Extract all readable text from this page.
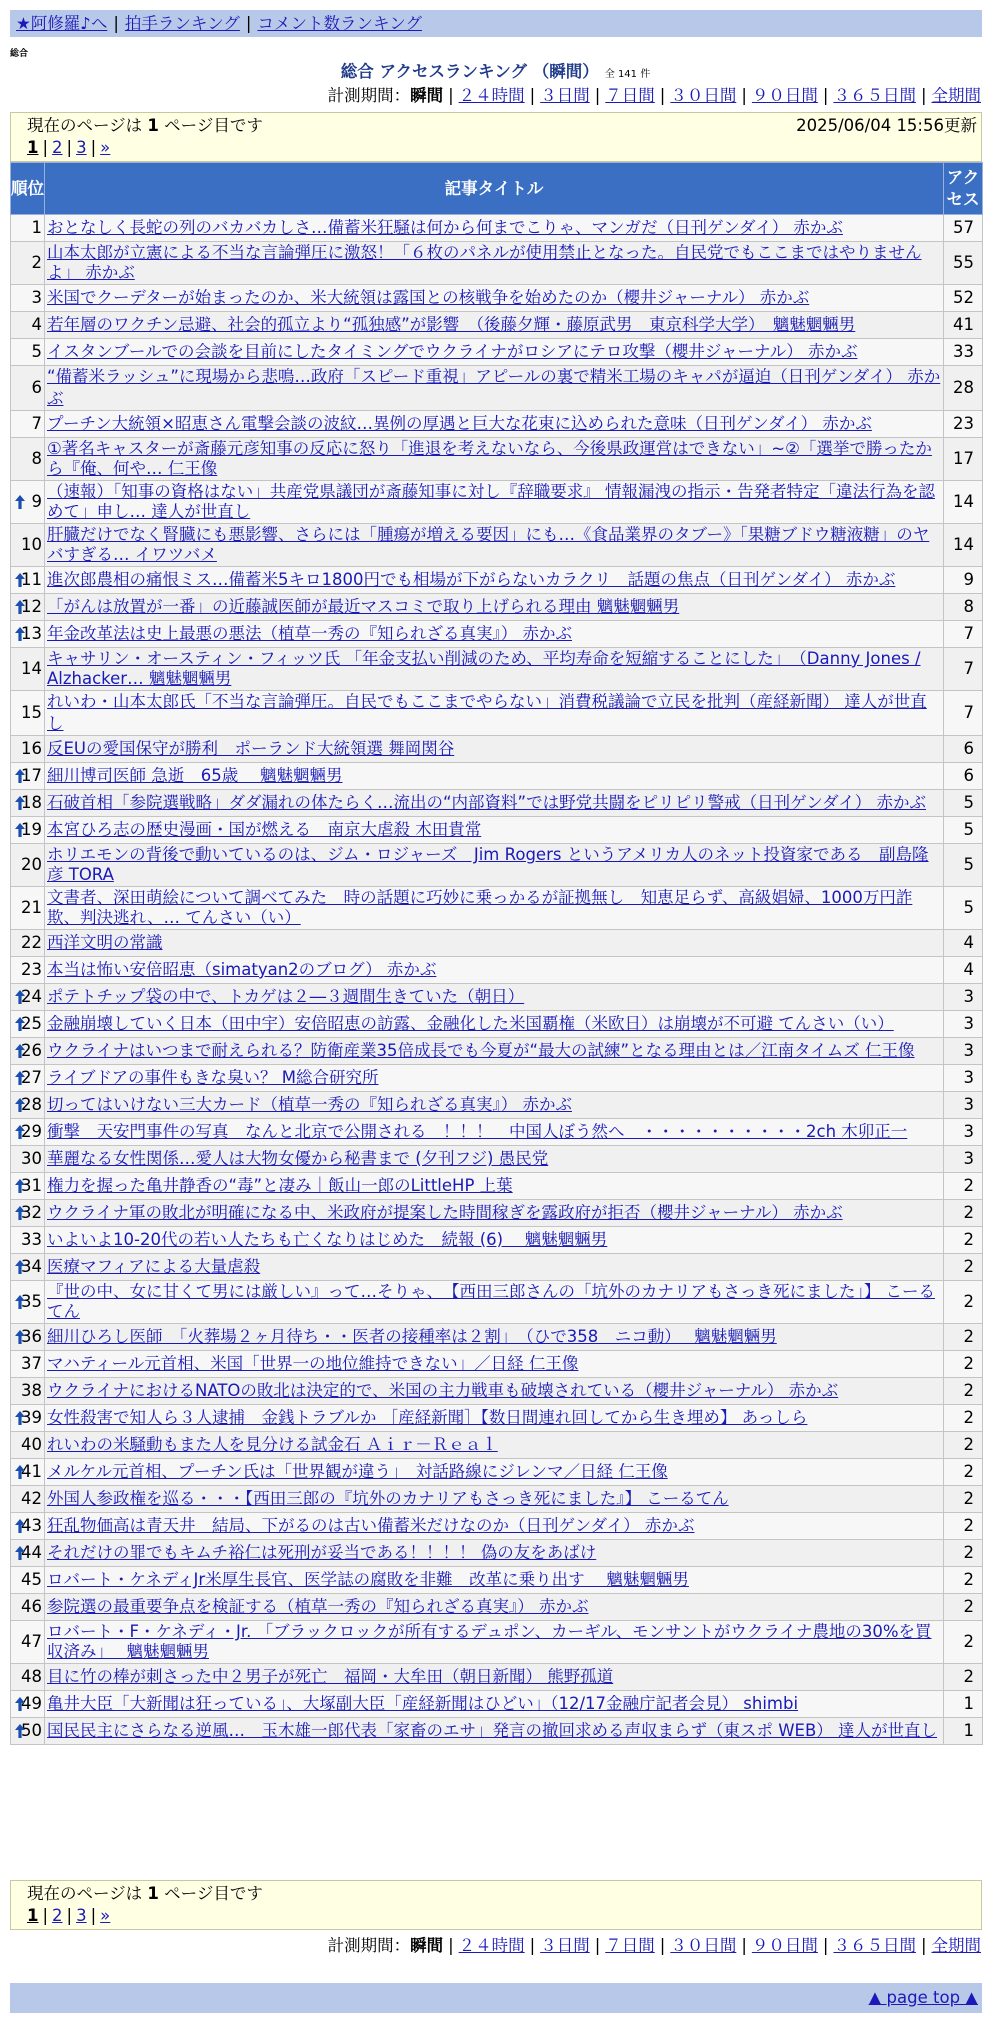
★阿修羅♪へ | 拍手ランキング | コメント数ランキング
総合
総合 アクセスランキング （瞬間） 全 141 件
計測期間：瞬間 | ２４時間 | ３日間 | ７日間 | ３０日間 | ９０日間 | ３６５日間 | 全期間
現在のページは 1 ページ目です	2025/06/04 15:56更新
1 | 2 | 3 | »
順位	記事タイトル	アクセス
1	おとなしく長蛇の列のバカバカしさ…備蓄米狂騒は何から何までこりゃ、マンガだ（日刊ゲンダイ） 赤かぶ	57
2	山本太郎が立憲による不当な言論弾圧に激怒！「６枚のパネルが使用禁止となった。自民党でもここまではやりませんよ」 赤かぶ	55
3	米国でクーデターが始まったのか、米大統領は露国との核戦争を始めたのか（櫻井ジャーナル） 赤かぶ	52
4	若年層のワクチン忌避、社会的孤立より“孤独感”が影響　（後藤夕輝・藤原武男　東京科学大学）　魑魅魍魎男	41
5	イスタンブールでの会談を目前にしたタイミングでウクライナがロシアにテロ攻撃（櫻井ジャーナル） 赤かぶ	33
6	“備蓄米ラッシュ”に現場から悲鳴…政府「スピード重視」アピールの裏で精米工場のキャパが逼迫（日刊ゲンダイ） 赤かぶ	28
7	プーチン大統領×昭恵さん電撃会談の波紋…異例の厚遇と巨大な花束に込められた意味（日刊ゲンダイ） 赤かぶ	23
8	①著名キャスターが斎藤元彦知事の反応に怒り「進退を考えないなら、今後県政運営はできない」~②「選挙で勝ったから『俺、何や… 仁王像	17

9	（速報）「知事の資格はない」共産党県議団が斎藤知事に対し『辞職要求』 情報漏洩の指示・告発者特定「違法行為を認めて」申し… 達人が世直し	14
10	肝臓だけでなく腎臓にも悪影響、さらには「腫瘍が増える要因」にも…《食品業界のタブー》「果糖ブドウ糖液糖」のヤバすぎる… イワツバメ	14

11	進次郎農相の痛恨ミス…備蓄米5キロ1800円でも相場が下がらないカラクリ　話題の焦点（日刊ゲンダイ） 赤かぶ	9

12	「がんは放置が一番」の近藤誠医師が最近マスコミで取り上げられる理由 魑魅魍魎男	8

13	年金改革法は史上最悪の悪法（植草一秀の『知られざる真実』） 赤かぶ	7
14	キャサリン・オースティン・フィッツ氏 「年金支払い削減のため、平均寿命を短縮することにした」　（Danny Jones / Alzhacker… 魑魅魍魎男	7
15	れいわ・山本太郎氏「不当な言論弾圧。自民でもここまでやらない」消費税議論で立民を批判（産経新聞） 達人が世直し	7
16	反EUの愛国保守が勝利　ポーランド大統領選 舞岡関谷	6

17	細川博司医師 急逝　65歳　 魑魅魍魎男	6

18	石破首相「参院選戦略」ダダ漏れの体たらく…流出の“内部資料”では野党共闘をピリピリ警戒（日刊ゲンダイ） 赤かぶ	5

19	本宮ひろ志の歴史漫画・国が燃える　南京大虐殺 木田貴常	5
20	ホリエモンの背後で動いているのは、ジム・ロジャーズ　Jim Rogers というアメリカ人のネット投資家である　副島隆彦 TORA	5
21	文書者、深田萌絵について調べてみた　時の話題に巧妙に乗っかるが証拠無し　知恵足らず、高級娼婦、1000万円詐欺、判決逃れ、… てんさい（い）	5
22	西洋文明の常識	4
23	本当は怖い安倍昭恵（simatyan2のブログ） 赤かぶ	4

24	ポテトチップ袋の中で、トカゲは２―３週間生きていた（朝日）	3

25	金融崩壊していく日本（田中宇）安倍昭恵の訪露、金融化した米国覇権（米欧日）は崩壊が不可避 てんさい（い）	3

26	ウクライナはいつまで耐えられる？防衛産業35倍成長でも今夏が“最大の試練”となる理由とは／江南タイムズ 仁王像	3

27	ライブドアの事件もきな臭い？ M総合研究所	3

28	切ってはいけない三大カード（植草一秀の『知られざる真実』） 赤かぶ	3

29	衝撃　天安門事件の写真　なんと北京で公開される　！！！　中国人ぼう然へ　・・・・・・・・・・2ch 木卯正一	3
30	華麗なる女性関係…愛人は大物女優から秘書まで (夕刊フジ) 愚民党	3

31	権力を握った亀井静香の“毒”と凄み｜飯山一郎のLittleHP 上葉	2

32	ウクライナ軍の敗北が明確になる中、米政府が提案した時間稼ぎを露政府が拒否（櫻井ジャーナル） 赤かぶ	2
33	いよいよ10-20代の若い人たちも亡くなりはじめた　続報 (6)　 魑魅魍魎男	2

34	医療マフィアによる大量虐殺	2

35	『世の中、女に甘くて男には厳しい』って…そりゃ、　【西田三郎さんの「坑外のカナリアもさっき死にました」】 こーるてん	2

36	細川ひろし医師　「火葬場２ヶ月待ち・・医者の接種率は２割」　（ひで358　ニコ動）　 魑魅魍魎男	2
37	マハティール元首相、米国「世界一の地位維持できない」／日経 仁王像	2
38	ウクライナにおけるNATOの敗北は決定的で、米国の主力戦車も破壊されている（櫻井ジャーナル） 赤かぶ	2

39	女性殺害で知人ら３人逮捕　金銭トラブルか ［産経新聞］【数日間連れ回してから生き埋め】 あっしら	2
40	れいわの米騒動もまた人を見分ける試金石 Ａｉｒ－Ｒｅａｌ	2

41	メルケル元首相、プーチン氏は「世界観が違う」　対話路線にジレンマ／日経 仁王像	2
42	外国人参政権を巡る・・・【西田三郎の『坑外のカナリアもさっき死にました』】 こーるてん	2

43	狂乱物価高は青天井　結局、下がるのは古い備蓄米だけなのか（日刊ゲンダイ） 赤かぶ	2

44	それだけの罪でもキムチ裕仁は死刑が妥当である！！！！ 偽の友をあばけ	2
45	ロバート・ケネディJr米厚生長官、医学誌の腐敗を非難　改革に乗り出す　 魑魅魍魎男	2
46	参院選の最重要争点を検証する（植草一秀の『知られざる真実』） 赤かぶ	2
47	ロバート・F・ケネディ・Jr. 「ブラックロックが所有するデュポン、カーギル、モンサントがウクライナ農地の30%を買収済み」　 魑魅魍魎男	2
48	目に竹の棒が刺さった中２男子が死亡　福岡・大牟田（朝日新聞） 熊野孤道	2

49	亀井大臣「大新聞は狂っている」、大塚副大臣「産経新聞はひどい」（12/17金融庁記者会見） shimbi	1

50	国民民主にさらなる逆風…　玉木雄一郎代表「家畜のエサ」発言の撤回求める声収まらず（東スポ WEB） 達人が世直し	1
現在のページは 1 ページ目です
1 | 2 | 3 | »
計測期間：瞬間 | ２４時間 | ３日間 | ７日間 | ３０日間 | ９０日間 | ３６５日間 | 全期間
▲ page top ▲
